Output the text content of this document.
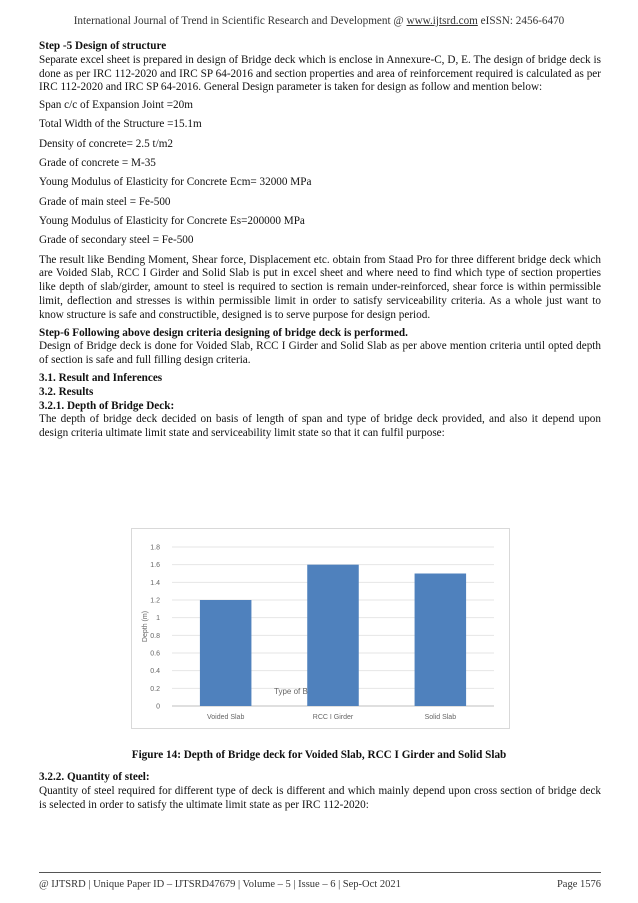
International Journal of Trend in Scientific Research and Development @ www.ijtsrd.com eISSN: 2456-6470
Step -5 Design of structure

Separate excel sheet is prepared in design of Bridge deck which is enclose in Annexure-C, D, E. The design of bridge deck is done as per IRC 112-2020 and IRC SP 64-2016 and section properties and area of reinforcement required is calculated as per IRC 112-2020 and IRC SP 64-2016. General Design parameter is taken for design as follow and mention below:

Span c/c of Expansion Joint =20m
Total Width of the Structure =15.1m
Density of concrete= 2.5 t/m2
Grade of concrete = M-35
Young Modulus of Elasticity for Concrete Ecm= 32000 MPa
Grade of main steel = Fe-500
Young Modulus of Elasticity for Concrete Es=200000 MPa
Grade of secondary steel = Fe-500

The result like Bending Moment, Shear force, Displacement etc. obtain from Staad Pro for three different bridge deck which are Voided Slab, RCC I Girder and Solid Slab is put in excel sheet and where need to find which type of section properties like depth of slab/girder, amount to steel is required to section is remain under-reinforced, shear force is within permissible limit, deflection and stresses is within permissible limit in order to satisfy serviceability criteria. As a whole just want to know structure is safe and constructible, designed is to serve purpose for design period.

Step-6 Following above design criteria designing of bridge deck is performed.

Design of Bridge deck is done for Voided Slab, RCC I Girder and Solid Slab as per above mention criteria until opted depth of section is safe and full filling design criteria.

3.1. Result and Inferences
3.2. Results
3.2.1. Depth of Bridge Deck:

The depth of bridge deck decided on basis of length of span and type of bridge deck provided, and also it depend upon design criteria ultimate limit state and serviceability limit state so that it can fulfil purpose:

0
0.2
0.4
0.6
0.8
1
1.2
1.4
1.6
1.8
Voided Slab	RCC I Girder	Solid Slab
Depth (m)
Type of B
Figure 14: Depth of Bridge deck for Voided Slab, RCC I Girder and Solid Slab
3.2.2. Quantity of steel:

Quantity of steel required for different type of deck is different and which mainly depend upon cross section of bridge deck is selected in order to satisfy the ultimate limit state as per IRC 112-2020:

@ IJTSRD | Unique Paper ID – IJTSRD47679 | Volume – 5 | Issue – 6 | Sep-Oct 2021	Page 1576
